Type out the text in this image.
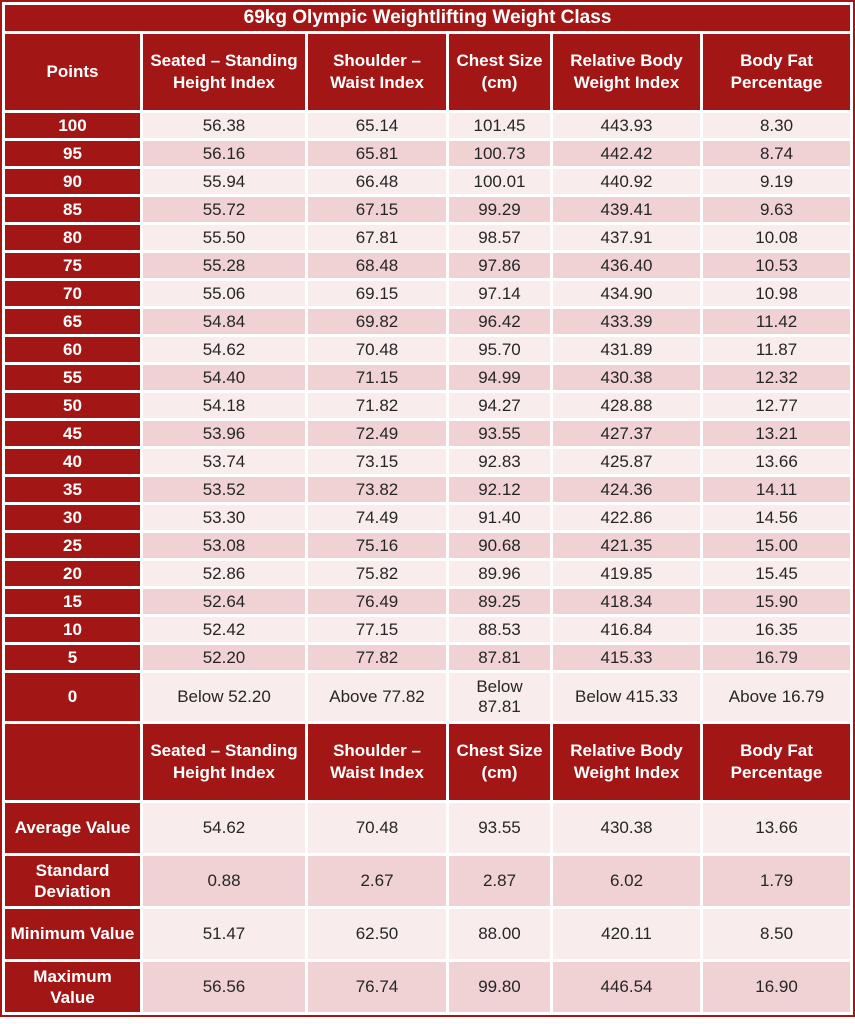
69kg Olympic Weightlifting Weight Class					
Points	Seated – Standing Height Index	Shoulder – Waist Index	Chest Size (cm)	Relative Body Weight Index	Body Fat Percentage
100	56.38	65.14	101.45	443.93	8.30
95	56.16	65.81	100.73	442.42	8.74
90	55.94	66.48	100.01	440.92	9.19
85	55.72	67.15	99.29	439.41	9.63
80	55.50	67.81	98.57	437.91	10.08
75	55.28	68.48	97.86	436.40	10.53
70	55.06	69.15	97.14	434.90	10.98
65	54.84	69.82	96.42	433.39	11.42
60	54.62	70.48	95.70	431.89	11.87
55	54.40	71.15	94.99	430.38	12.32
50	54.18	71.82	94.27	428.88	12.77
45	53.96	72.49	93.55	427.37	13.21
40	53.74	73.15	92.83	425.87	13.66
35	53.52	73.82	92.12	424.36	14.11
30	53.30	74.49	91.40	422.86	14.56
25	53.08	75.16	90.68	421.35	15.00
20	52.86	75.82	89.96	419.85	15.45
15	52.64	76.49	89.25	418.34	15.90
10	52.42	77.15	88.53	416.84	16.35
5	52.20	77.82	87.81	415.33	16.79
0	Below 52.20	Above 77.82	Below 87.81	Below 415.33	Above 16.79
	Seated – Standing Height Index	Shoulder – Waist Index	Chest Size (cm)	Relative Body Weight Index	Body Fat Percentage
Average Value	54.62	70.48	93.55	430.38	13.66
Standard Deviation	0.88	2.67	2.87	6.02	1.79
Minimum Value	51.47	62.50	88.00	420.11	8.50
Maximum Value	56.56	76.74	99.80	446.54	16.90
